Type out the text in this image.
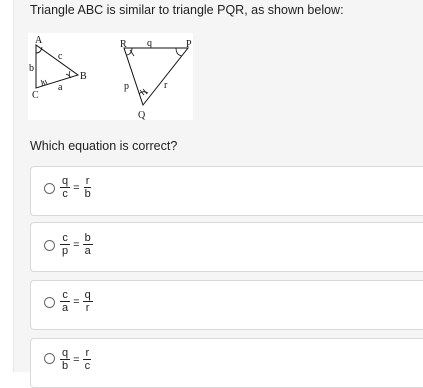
Triangle ABC is similar to triangle PQR, as shown below:
A
B
C
a
b
c
R	P
Q
p
q
r
Which equation is correct?
$\frac{q}{c} = \frac{r}{b}$
$\frac{c}{p} = \frac{b}{a}$
$\frac{c}{a} = \frac{q}{r}$
$\frac{q}{b} = \frac{r}{c}$
